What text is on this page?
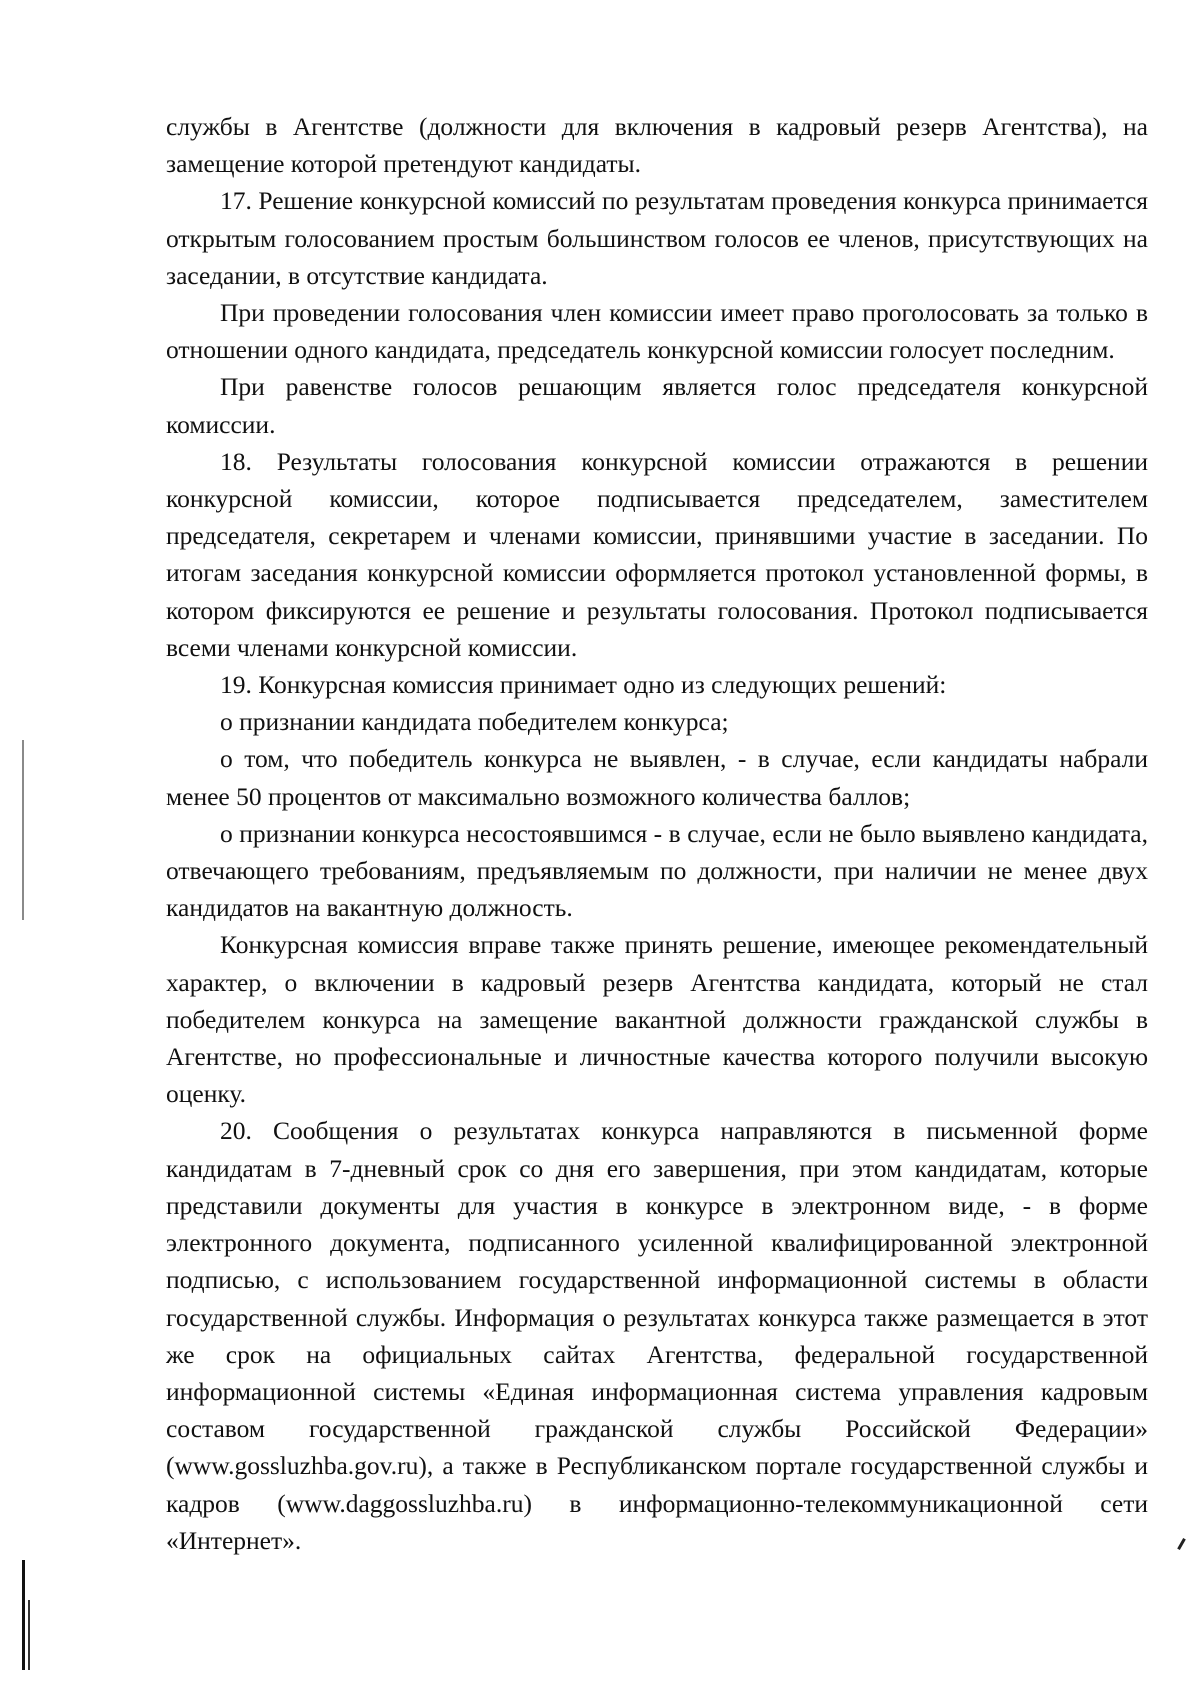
службы в Агентстве (должности для включения в кадровый резерв Агентства), на замещение которой претендуют кандидаты.

17. Решение конкурсной комиссий по результатам проведения конкурса принимается открытым голосованием простым большинством голосов ее членов, присутствующих на заседании, в отсутствие кандидата.

При проведении голосования член комиссии имеет право проголосовать за только в отношении одного кандидата, председатель конкурсной комиссии голосует последним.

При равенстве голосов решающим является голос председателя конкурсной комиссии.

18. Результаты голосования конкурсной комиссии отражаются в решении конкурсной комиссии, которое подписывается председателем, заместителем председателя, секретарем и членами комиссии, принявшими участие в заседании. По итогам заседания конкурсной комиссии оформляется протокол установленной формы, в котором фиксируются ее решение и результаты голосования. Протокол подписывается всеми членами конкурсной комиссии.

19. Конкурсная комиссия принимает одно из следующих решений:

о признании кандидата победителем конкурса;

о том, что победитель конкурса не выявлен, - в случае, если кандидаты набрали менее 50 процентов от максимально возможного количества баллов;

о признании конкурса несостоявшимся - в случае, если не было выявлено кандидата, отвечающего требованиям, предъявляемым по должности, при наличии не менее двух кандидатов на вакантную должность.

Конкурсная комиссия вправе также принять решение, имеющее рекомендательный характер, о включении в кадровый резерв Агентства кандидата, который не стал победителем конкурса на замещение вакантной должности гражданской службы в Агентстве, но профессиональные и личностные качества которого получили высокую оценку.

20. Сообщения о результатах конкурса направляются в письменной форме кандидатам в 7-дневный срок со дня его завершения, при этом кандидатам, которые представили документы для участия в конкурсе в электронном виде, - в форме электронного документа, подписанного усиленной квалифицированной электронной подписью, с использованием государственной информационной системы в области государственной службы. Информация о результатах конкурса также размещается в этот же срок на официальных сайтах Агентства, федеральной государственной информационной системы «Единая информационная система управления кадровым составом государственной гражданской службы Российской Федерации» (www.gossluzhba.gov.ru), а также в Республиканском портале государственной службы и кадров (www.daggossluzhba.ru) в информационно-телекоммуникационной сети «Интернет».
